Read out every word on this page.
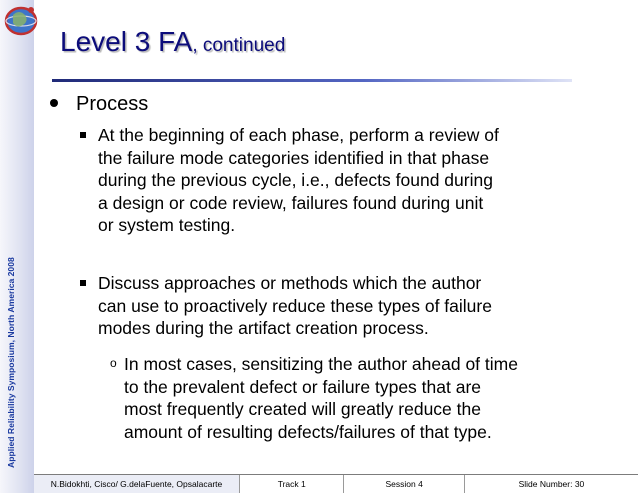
Applied Reliability Symposium, North America 2008
Level 3 FA, continued
Process
At the beginning of each phase, perform a review of
the failure mode categories identified in that phase
during the previous cycle, i.e., defects found during
a design or code review, failures found during unit
or system testing.
Discuss approaches or methods which the author
can use to proactively reduce these types of failure
modes during the artifact creation process.
o In most cases, sensitizing the author ahead of time
to the prevalent defect or failure types that are
most frequently created will greatly reduce the
amount of resulting defects/failures of that type.
N.Bidokhti, Cisco/ G.delaFuente, Opsalacarte	Track 1	Session 4	Slide Number: 30
